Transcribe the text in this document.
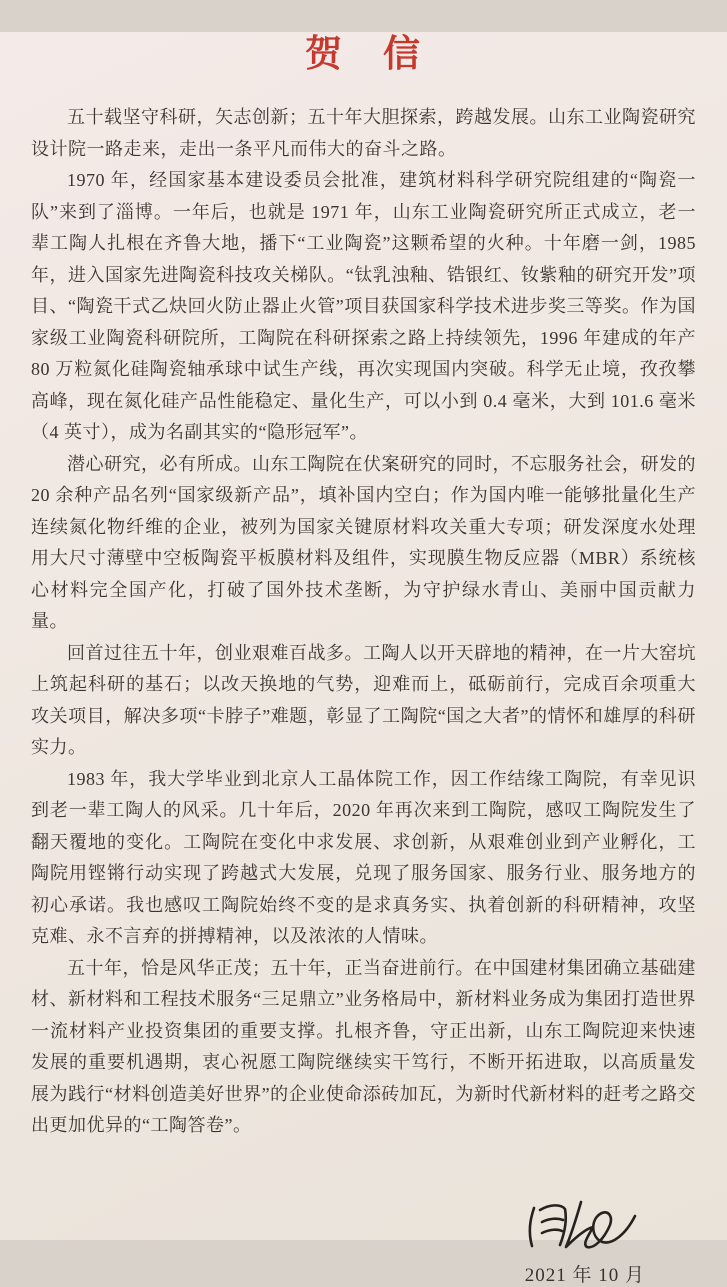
贺　信

五十载坚守科研，矢志创新；五十年大胆探索，跨越发展。山东工业陶瓷研究设计院一路走来，走出一条平凡而伟大的奋斗之路。

1970 年，经国家基本建设委员会批准，建筑材料科学研究院组建的“陶瓷一队”来到了淄博。一年后，也就是 1971 年，山东工业陶瓷研究所正式成立，老一辈工陶人扎根在齐鲁大地，播下“工业陶瓷”这颗希望的火种。十年磨一剑，1985 年，进入国家先进陶瓷科技攻关梯队。“钛乳浊釉、锆银红、钕紫釉的研究开发”项目、“陶瓷干式乙炔回火防止器止火管”项目获国家科学技术进步奖三等奖。作为国家级工业陶瓷科研院所，工陶院在科研探索之路上持续领先，1996 年建成的年产 80 万粒氮化硅陶瓷轴承球中试生产线，再次实现国内突破。科学无止境，孜孜攀高峰，现在氮化硅产品性能稳定、量化生产，可以小到 0.4 毫米，大到 101.6 毫米（4 英寸），成为名副其实的“隐形冠军”。

潜心研究，必有所成。山东工陶院在伏案研究的同时，不忘服务社会，研发的 20 余种产品名列“国家级新产品”，填补国内空白；作为国内唯一能够批量化生产连续氮化物纤维的企业，被列为国家关键原材料攻关重大专项；研发深度水处理用大尺寸薄壁中空板陶瓷平板膜材料及组件，实现膜生物反应器（MBR）系统核心材料完全国产化，打破了国外技术垄断，为守护绿水青山、美丽中国贡献力量。

回首过往五十年，创业艰难百战多。工陶人以开天辟地的精神，在一片大窑坑上筑起科研的基石；以改天换地的气势，迎难而上，砥砺前行，完成百余项重大攻关项目，解决多项“卡脖子”难题，彰显了工陶院“国之大者”的情怀和雄厚的科研实力。

1983 年，我大学毕业到北京人工晶体院工作，因工作结缘工陶院，有幸见识到老一辈工陶人的风采。几十年后，2020 年再次来到工陶院，感叹工陶院发生了翻天覆地的变化。工陶院在变化中求发展、求创新，从艰难创业到产业孵化，工陶院用铿锵行动实现了跨越式大发展，兑现了服务国家、服务行业、服务地方的初心承诺。我也感叹工陶院始终不变的是求真务实、执着创新的科研精神，攻坚克难、永不言弃的拼搏精神，以及浓浓的人情味。

五十年，恰是风华正茂；五十年，正当奋进前行。在中国建材集团确立基础建材、新材料和工程技术服务“三足鼎立”业务格局中，新材料业务成为集团打造世界一流材料产业投资集团的重要支撑。扎根齐鲁，守正出新，山东工陶院迎来快速发展的重要机遇期，衷心祝愿工陶院继续实干笃行，不断开拓进取，以高质量发展为践行“材料创造美好世界”的企业使命添砖加瓦，为新时代新材料的赶考之路交出更加优异的“工陶答卷”。

2021 年 10 月
